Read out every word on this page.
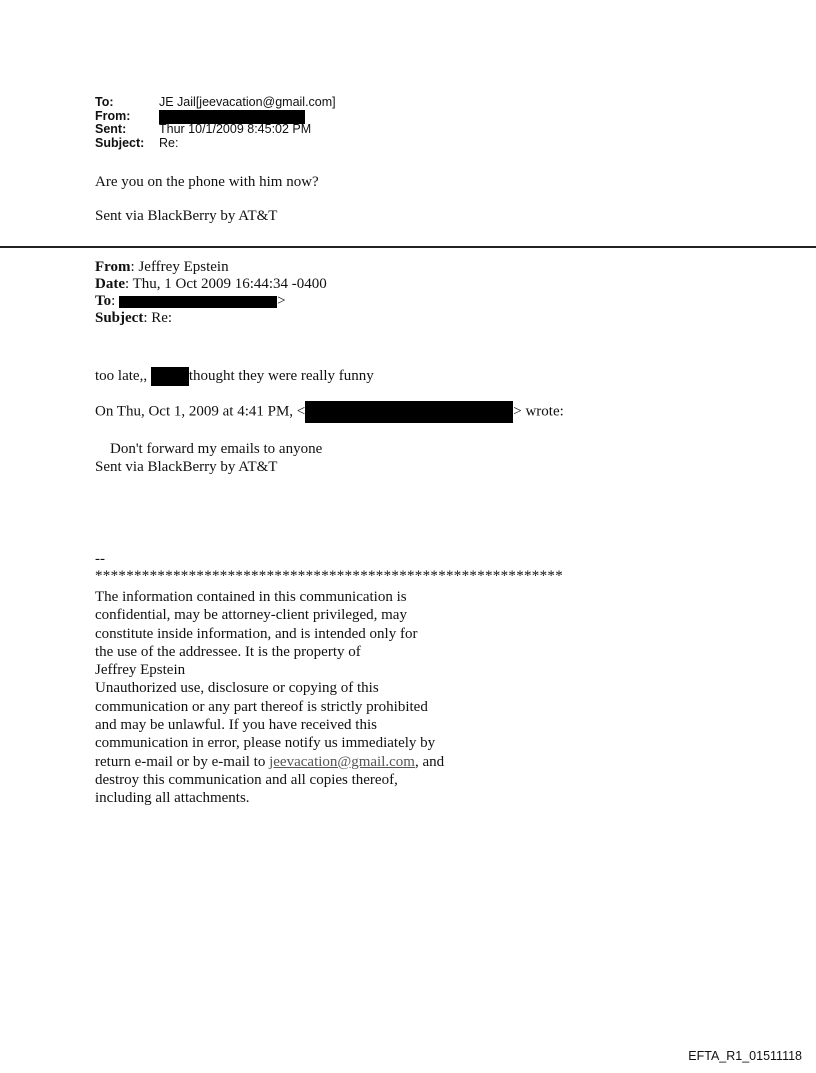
To:	JE Jail[jeevacation@gmail.com]
From:
Sent:	Thur 10/1/2009 8:45:02 PM
Subject:	Re:
Are you on the phone with him now?
Sent via BlackBerry by AT&T
From: Jeffrey Epstein
Date: Thu, 1 Oct 2009 16:44:34 -0400
To:	>
Subject: Re:
too late,,	thought they were really funny
On Thu, Oct 1, 2009 at 4:41 PM, <	> wrote:
Don't forward my emails to anyone
Sent via BlackBerry by AT&T
--
************************************************************
The information contained in this communication is
confidential, may be attorney-client privileged, may
constitute inside information, and is intended only for
the use of the addressee. It is the property of
Jeffrey Epstein
Unauthorized use, disclosure or copying of this
communication or any part thereof is strictly prohibited
and may be unlawful. If you have received this
communication in error, please notify us immediately by
return e-mail or by e-mail to jeevacation@gmail.com, and
destroy this communication and all copies thereof,
including all attachments.
EFTA_R1_01511118
